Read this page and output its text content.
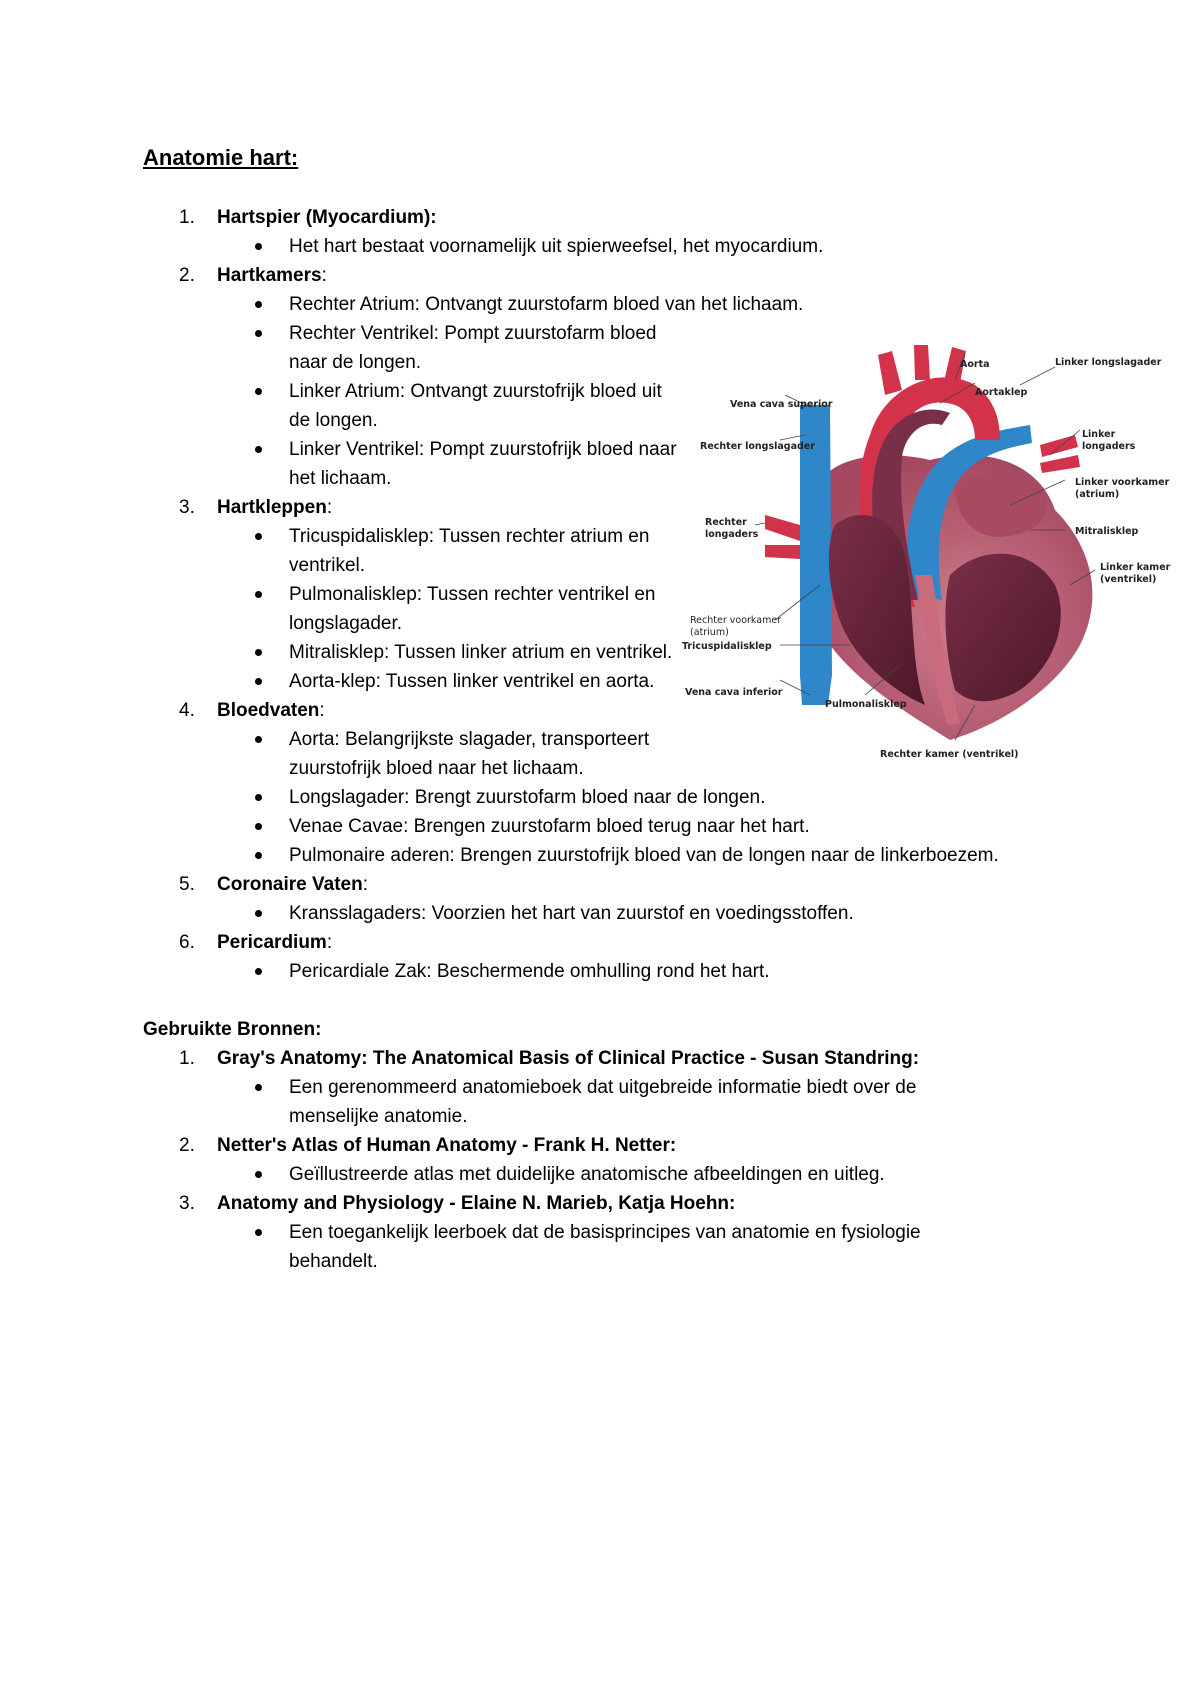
Anatomie hart:
1. Hartspier (Myocardium):
Het hart bestaat voornamelijk uit spierweefsel, het myocardium.
2. Hartkamers:
Rechter Atrium: Ontvangt zuurstofarm bloed van het lichaam.
Rechter Ventrikel: Pompt zuurstofarm bloed naar de longen.
Linker Atrium: Ontvangt zuurstofrijk bloed uit de longen.
Linker Ventrikel: Pompt zuurstofrijk bloed naar het lichaam.
3. Hartkleppen:
Tricuspidalisklep: Tussen rechter atrium en ventrikel.
Pulmonalisklep: Tussen rechter ventrikel en longslagader.
Mitralisklep: Tussen linker atrium en ventrikel.
Aorta-klep: Tussen linker ventrikel en aorta.
4. Bloedvaten:
Aorta: Belangrijkste slagader, transporteert zuurstofrijk bloed naar het lichaam.
Longslagader: Brengt zuurstofarm bloed naar de longen.
Venae Cavae: Brengen zuurstofarm bloed terug naar het hart.
Pulmonaire aderen: Brengen zuurstofrijk bloed van de longen naar de linkerboezem.
5. Coronaire Vaten:
Kransslagaders: Voorzien het hart van zuurstof en voedingsstoffen.
6. Pericardium:
Pericardiale Zak: Beschermende omhulling rond het hart.
Gebruikte Bronnen:
1. Gray's Anatomy: The Anatomical Basis of Clinical Practice - Susan Standring:
Een gerenommeerd anatomieboek dat uitgebreide informatie biedt over de menselijke anatomie.
2. Netter's Atlas of Human Anatomy - Frank H. Netter:
Geïllustreerde atlas met duidelijke anatomische afbeeldingen en uitleg.
3. Anatomy and Physiology - Elaine N. Marieb, Katja Hoehn:
Een toegankelijk leerboek dat de basisprincipes van anatomie en fysiologie behandelt.
Aorta	Linker longslagader
Aortaklep
Vena cava superior
Rechter longslagader
Linker
longaders
Linker voorkamer
(atrium)
Rechter
longaders	Mitralisklep
Linker kamer
(ventrikel)
Rechter voorkamer
(atrium)
Tricuspidalisklep
Vena cava inferior
Pulmonalisklep
Rechter kamer (ventrikel)
